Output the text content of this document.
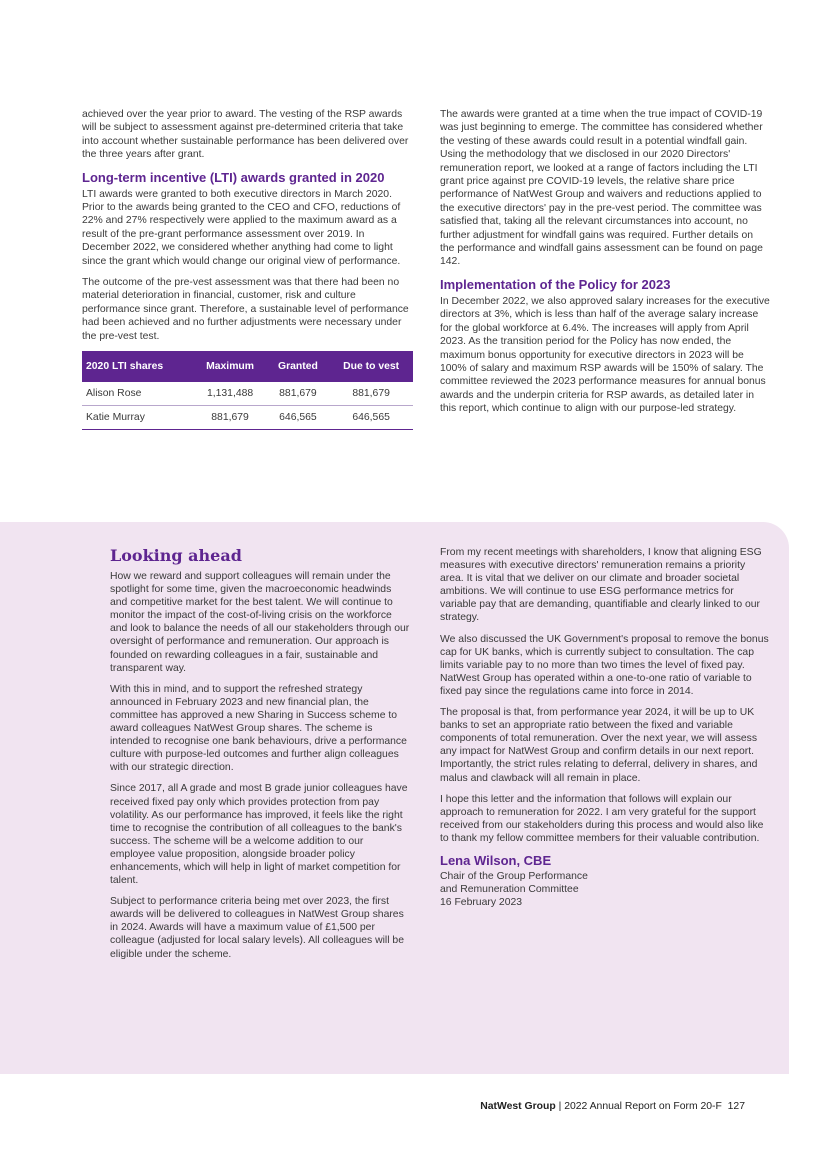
achieved over the year prior to award. The vesting of the RSP awards will be subject to assessment against pre-determined criteria that take into account whether sustainable performance has been delivered over the three years after grant.

Long-term incentive (LTI) awards granted in 2020

LTI awards were granted to both executive directors in March 2020. Prior to the awards being granted to the CEO and CFO, reductions of 22% and 27% respectively were applied to the maximum award as a result of the pre-grant performance assessment over 2019. In December 2022, we considered whether anything had come to light since the grant which would change our original view of performance.

The outcome of the pre-vest assessment was that there had been no material deterioration in financial, customer, risk and culture performance since grant. Therefore, a sustainable level of performance had been achieved and no further adjustments were necessary under the pre-vest test.

2020 LTI shares	Maximum	Granted	Due to vest
Alison Rose	1,131,488	881,679	881,679
Katie Murray	881,679	646,565	646,565

The awards were granted at a time when the true impact of COVID-19 was just beginning to emerge. The committee has considered whether the vesting of these awards could result in a potential windfall gain. Using the methodology that we disclosed in our 2020 Directors' remuneration report, we looked at a range of factors including the LTI grant price against pre COVID-19 levels, the relative share price performance of NatWest Group and waivers and reductions applied to the executive directors' pay in the pre-vest period. The committee was satisfied that, taking all the relevant circumstances into account, no further adjustment for windfall gains was required. Further details on the performance and windfall gains assessment can be found on page 142.

Implementation of the Policy for 2023

In December 2022, we also approved salary increases for the executive directors at 3%, which is less than half of the average salary increase for the global workforce at 6.4%. The increases will apply from April 2023. As the transition period for the Policy has now ended, the maximum bonus opportunity for executive directors in 2023 will be 100% of salary and maximum RSP awards will be 150% of salary. The committee reviewed the 2023 performance measures for annual bonus awards and the underpin criteria for RSP awards, as detailed later in this report, which continue to align with our purpose-led strategy.

Looking ahead

How we reward and support colleagues will remain under the spotlight for some time, given the macroeconomic headwinds and competitive market for the best talent. We will continue to monitor the impact of the cost-of-living crisis on the workforce and look to balance the needs of all our stakeholders through our oversight of performance and remuneration. Our approach is founded on rewarding colleagues in a fair, sustainable and transparent way.

With this in mind, and to support the refreshed strategy announced in February 2023 and new financial plan, the committee has approved a new Sharing in Success scheme to award colleagues NatWest Group shares. The scheme is intended to recognise one bank behaviours, drive a performance culture with purpose-led outcomes and further align colleagues with our strategic direction.

Since 2017, all A grade and most B grade junior colleagues have received fixed pay only which provides protection from pay volatility. As our performance has improved, it feels like the right time to recognise the contribution of all colleagues to the bank's success. The scheme will be a welcome addition to our employee value proposition, alongside broader policy enhancements, which will help in light of market competition for talent.

Subject to performance criteria being met over 2023, the first awards will be delivered to colleagues in NatWest Group shares in 2024. Awards will have a maximum value of £1,500 per colleague (adjusted for local salary levels). All colleagues will be eligible under the scheme.

From my recent meetings with shareholders, I know that aligning ESG measures with executive directors' remuneration remains a priority area. It is vital that we deliver on our climate and broader societal ambitions. We will continue to use ESG performance metrics for variable pay that are demanding, quantifiable and clearly linked to our strategy.

We also discussed the UK Government's proposal to remove the bonus cap for UK banks, which is currently subject to consultation. The cap limits variable pay to no more than two times the level of fixed pay. NatWest Group has operated within a one-to-one ratio of variable to fixed pay since the regulations came into force in 2014.

The proposal is that, from performance year 2024, it will be up to UK banks to set an appropriate ratio between the fixed and variable components of total remuneration. Over the next year, we will assess any impact for NatWest Group and confirm details in our next report. Importantly, the strict rules relating to deferral, delivery in shares, and malus and clawback will all remain in place.

I hope this letter and the information that follows will explain our approach to remuneration for 2022. I am very grateful for the support received from our stakeholders during this process and would also like to thank my fellow committee members for their valuable contribution.

Lena Wilson, CBE

Chair of the Group Performance

and Remuneration Committee

16 February 2023

NatWest Group | 2022 Annual Report on Form 20-F 127
